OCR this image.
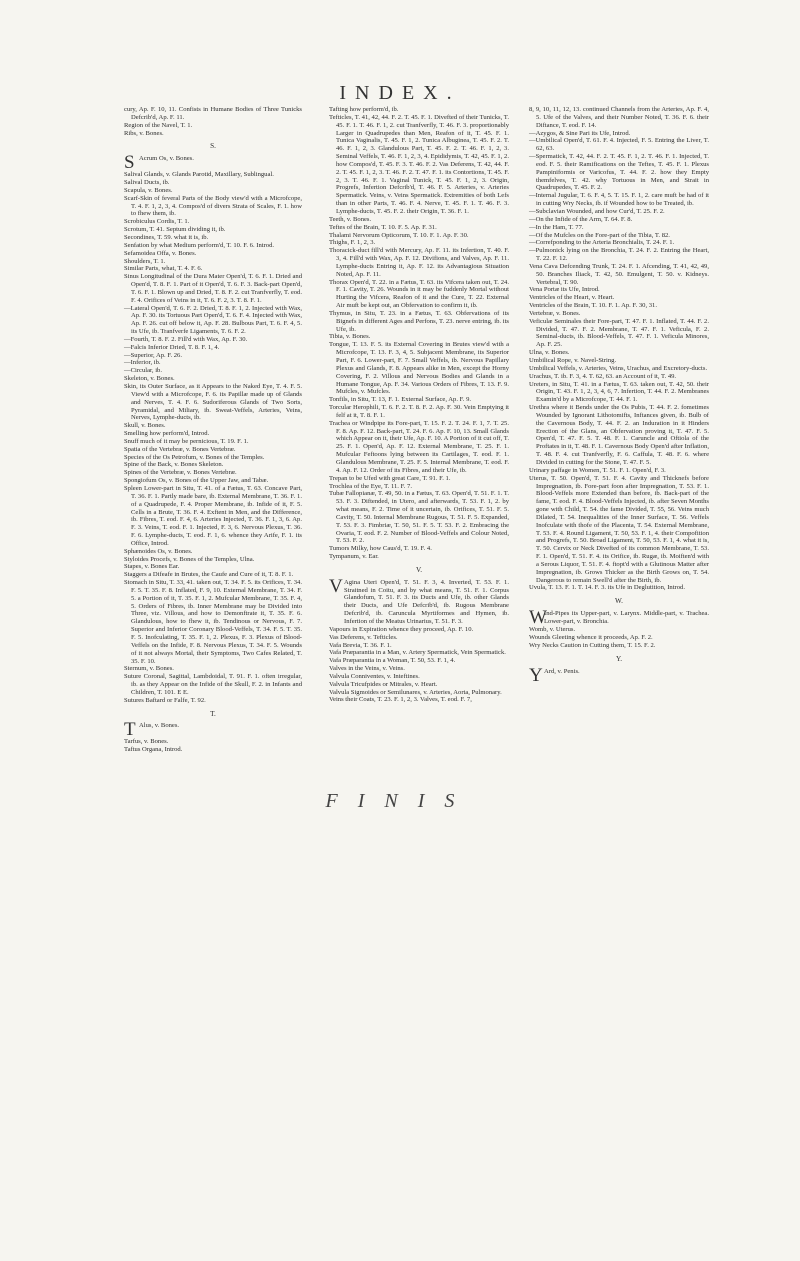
INDEX.

cury, Ap. F. 10, 11. Confists in Humane Bodies of Three Tunicks Defcrib'd, Ap. F. 11.

Region of the Navel, T. 1.

Ribs, v. Bones.

S.

S Acrum Os, v. Bones.

Salival Glands, v. Glands Parotid, Maxillary, Sublingual.

Salival Ducts, ib.

Scapula, v. Bones.

Scarf-Skin of feveral Parts of the Body view'd with a Microfcope, T. 4. F. 1, 2, 3, 4. Compos'd of divers Strata of Scales, F. 1. how to fhew them, ib.

Scrobiculus Cordis, T. 1.

Scrotum, T. 41. Septum dividing it, ib.

Secondines, T. 59. what it is, ib.

Senfation by what Medium perform'd, T. 10. F. 6. Introd.

Sefamoidea Offa, v. Bones.

Shoulders, T. 1.

Similar Parts, what, T. 4. F. 6.

Sinus Longitudinal of the Dura Mater Open'd, T. 6. F. 1. Dried and Open'd, T. 8. F. 1. Part of it Open'd, T. 6. F. 3. Back-part Open'd, T. 6. F. 1. Blown up and Dried, T. 8. F. 2. cut Tranfverfly, T. eod. F. 4. Orifices of Veins in it, T. 6. F. 2, 3. T. 8. F. 1.

—Lateral Open'd, T. 6. F. 2. Dried, T. 8. F. 1, 2. Injected with Wax, Ap. F. 30. its Tortuous Part Open'd, T. 6. F. 4. Injected with Wax, Ap. F. 26. cut off below it, Ap. F. 28. Bulbous Part, T. 6. F. 4, 5. its Ufe, ib. Tranfverfe Ligaments, T. 6. F. 2.

—Fourth, T. 8. F. 2. Fill'd with Wax, Ap. F. 30.

—Falcis Inferior Dried, T. 8. F. 1, 4.

—Superior, Ap. F. 26.

—Inferior, ib.

—Circular, ib.

Skeleton, v. Bones.

Skin, its Outer Surface, as it Appears to the Naked Eye, T. 4. F. 5. View'd with a Microfcope, F. 6. its Papillæ made up of Glands and Nerves, T. 4. F. 6. Sudoriferous Glands of Two Sorts, Pyramidal, and Miliary, ib. Sweat-Veffels, Arteries, Veins, Nerves, Lymphe-ducts, ib.

Skull, v. Bones.

Smelling how perform'd, Introd.

Snuff much of it may be pernicious, T. 19. F. 1.

Spatia of the Vertebræ, v. Bones Vertebræ.

Species of the Os Petrofum, v. Bones of the Temples.

Spine of the Back, v. Bones Skeleton.

Spines of the Vertebræ, v. Bones Vertebræ.

Spongiofum Os, v. Bones of the Upper Jaw, and Tabæ.

Spleen Lower-part in Situ, T. 41. of a Fætus, T. 63. Concave Part, T. 36. F. 1. Partly made bare, ib. External Membrane, T. 36. F. 1. of a Quadrupede, F. 4. Proper Membrane, ib. Infide of it, F. 5. Cells in a Brute, T. 36. F. 4. Exftent in Men, and the Difference, ib. Fibres, T. eod. F. 4, 6. Arteries Injected, T. 36. F. 1, 3, 6. Ap. F. 3. Veins, T. eod. F. 1. Injected, F. 3, 6. Nervous Plexus, T. 36. F. 6. Lymphe-ducts, T. eod. F. 1, 6. whence they Arife, F. 1. its Office, Introd.

Sphænoides Os, v. Bones.

Styloides Procefs, v. Bones of the Temples, Ulna.

Stapes, v. Bones Ear.

Staggers a Difeafe in Brutes, the Caufe and Cure of it, T. 8. F. 1.

Stomach in Situ, T. 33, 41. taken out, T. 34. F. 5. its Orifices, T. 34. F. 5. T. 35. F. 8. Inflated, F. 9, 10. External Membrane, T. 34. F. 5. a Portion of it, T. 35. F. 1, 2. Mufcular Membrane, T. 35. F. 4, 5. Orders of Fibres, ib. Inner Membrane may be Divided into Three, viz. Villous, and how to Demonftrate it, T. 35. F. 6. Glandulous, how to fhew it, ib. Tendinous or Nervous, F. 7. Superior and Inferior Coronary Blood-Veffels, T. 34. F. 5. T. 35. F. 5. Inofculating, T. 35. F. 1, 2. Plexus, F. 3. Plexus of Blood-Veffels on the Infide, F. 8. Nervous Plexus, T. 34. F. 5. Wounds of it not always Mortal, their Symptoms, Two Cafes Related, T. 35. F. 10.

Sternum, v. Bones.

Suture Coronal, Sagittal, Lambdoidal, T. 91. F. 1. often irregular, ib. as they Appear on the Infide of the Skull, F. 2. in Infants and Children, T. 101. E E.

Sutures Baftard or Falfe, T. 92.

T.

T Alus, v. Bones.

Tarfus, v. Bones.

Taftus Organa, Introd.

Tafting how perform'd, ib.

Tefticles, T. 41, 42, 44. F. 2. T. 45. F. 1. Divefted of their Tunicks, T. 45. F. 1. T. 46. F. 1, 2. cut Tranfverfly, T. 46. F. 3. proportionably Larger in Quadrupedes than Men, Reafon of it, T. 45. F. 1. Tunica Vaginalis, T. 45. F. 1, 2. Tunica Albuginea, T. 45. F. 2. T. 46. F. 1, 2, 3. Glandulous Part, T. 45. F. 2. T. 46. F. 1, 2, 3. Seminal Veffels, T. 46. F. 1, 2, 3, 4. Epididymis, T. 42, 45. F. 1, 2. how Compos'd, T. 45. F. 3. T. 46. F. 2. Vas Deferens, T. 42, 44. F. 2. T. 45. F. 1, 2, 3. T. 46. F. 2. T. 47. F. 1. its Contortions, T. 45. F. 2, 3. T. 46. F. 1. Vaginal Tunick, T. 45. F. 1, 2, 3. Origin, Progrefs, Infertion Defcrib'd, T. 46. F. 5. Arteries, v. Arteries Spermatick. Veins, v. Veins Spermatick. Extremities of both Lefs than in other Parts, T. 46. F. 4. Nerve, T. 45. F. 1. T. 46. F. 3. Lymphe-ducts, T. 45. F. 2. their Origin, T. 36. F. 1.

Teeth, v. Bones.

Teftes of the Brain, T. 10. F. 5. Ap. F. 31.

Thalami Nervorum Opticorum, T. 10. F. 1. Ap. F. 30.

Thighs, F. 1, 2, 3.

Thoracick-duct fill'd with Mercury, Ap. F. 11. its Infertion, T. 40. F. 3, 4. Fill'd with Wax, Ap. F. 12. Divifions, and Valves, Ap. F. 11. Lymphe-ducts Entring it, Ap. F. 12. its Advantagious Situation Noted, Ap. F. 11.

Thorax Open'd, T. 22. in a Fætus, T. 63. its Vifcera taken out, T. 24. F. 1. Cavity, T. 26. Wounds in it may be fuddenly Mortal without Hurting the Vifcera, Reafon of it and the Cure, T. 22. External Air muft be kept out, an Obfervation to confirm it, ib.

Thymus, in Situ, T. 23. in a Fætus, T. 63. Obfervations of its Bignefs in different Ages and Perfons, T. 23. nerve entring, ib. its Ufe, ib.

Tibia, v. Bones.

Tongue, T. 13. F. 5. its External Covering in Brutes view'd with a Microfcope, T. 13. F. 3, 4, 5. Subjacent Membrane, its Superior Part, F. 6. Lower-part, F. 7. Small Veffels, ib. Nervous Papillary Plexus and Glands, F. 8. Appears alike in Men, except the Horny Covering, F. 2. Villous and Nervous Bodies and Glands in a Humane Tongue, Ap. F. 34. Various Orders of Fibres, T. 13. F. 9. Mufcles, v. Mufcles.

Tonfils, in Situ, T. 13, F. 1. External Surface, Ap. F. 9.

Torcular Herophili, T. 6. F. 2. T. 8. F. 2. Ap. F. 30. Vein Emptying it felf at it, T. 8. F. 1.

Trachea or Windpipe its Fore-part, T. 15. F. 2. T. 24. F. 1, 7. T. 25. F. 8. Ap. F. 12. Back-part, T. 24. F. 6. Ap. F. 10, 13. Small Glands which Appear on it, their Ufe, Ap. F. 10. A Portion of it cut off, T. 25. F. 1. Open'd, Ap. F. 12. External Membrane, T. 25. F. 1. Mufcular Feftoons lying between its Cartilages, T. eod. F. 1. Glandulous Membrane, T. 25. F. 5. Internal Membrane, T. eod. F. 4. Ap. F. 12. Order of its Fibres, and their Ufe, ib.

Trepan to be Ufed with great Care, T. 91. F. 1.

Trochlea of the Eye, T. 11. F. 7.

Tubæ Fallopianæ, T. 49, 50. in a Fætus, T. 63. Open'd, T. 51. F. 1. T. 53. F. 3. Diftended, in Utero, and afterwards, T. 53. F. 1, 2. by what means, F. 2. Time of it uncertain, ib. Orifices, T. 51. F. 5. Cavity, T. 50. Internal Membrane Rugous, T. 51. F. 5. Expanded, T. 53. F. 3. Fimbriæ, T. 50, 51. F. 5. T. 53. F. 2. Embracing the Ovaria, T. eod. F. 2. Number of Blood-Veffels and Colour Noted, T. 53. F. 2.

Tumors Milky, how Caus'd, T. 19. F. 4.

Tympanum, v. Ear.

V.

V Agina Uteri Open'd, T. 51. F. 3, 4. Inverted, T. 53. F. 1. Straitned in Coitu, and by what means, T. 51. F. 1. Corpus Glandofum, T. 51. F. 3. its Ducts and Ufe, ib. other Glands their Ducts, and Ufe Defcrib'd, ib. Rugous Membrane Defcrib'd, ib. Caruncula Myrtiformes and Hymen, ib. Infertion of the Meatus Urinarius, T. 51. F. 3.

Vapours in Expiration whence they proceed, Ap. F. 10.

Vas Deferens, v. Tefticles.

Vafa Brevia, T. 36. F. 1.

Vafa Præparantia in a Man, v. Artery Spermatick, Vein Spermatick.

Vafa Præparantia in a Woman, T. 50, 53. F. 1, 4.

Valves in the Veins, v. Veins.

Valvula Conniventes, v. Inteftines.

Valvula Tricufpides or Mitrales, v. Heart.

Valvula Sigmoides or Semilunares, v. Arteries, Aorta, Pulmonary.

Veins their Coats, T. 23. F. 1, 2, 3. Valves, T. eod. F. 7,

8, 9, 10, 11, 12, 13. continued Channels from the Arteries, Ap. F. 4, 5. Ufe of the Valves, and their Number Noted, T. 36. F. 6. their Diftance, T. eod. F. 14.

—Azygos, & Sine Pari its Ufe, Introd.

—Umbilical Open'd, T. 61. F. 4. Injected, F. 5. Entring the Liver, T. 62, 63.

—Spermatick, T. 42, 44. F. 2. T. 45. F. 1, 2. T. 46. F. 1. Injected, T. eod. F. 5. their Ramifications on the Teftes, T. 45. F. 1. Plexus Pampiniformis or Varicofus, T. 44. F. 2. how they Empty themfelves, T. 42. why Tortuous in Men, and Strait in Quadrupedes, T. 45. F. 2.

—Internal Jugular, T. 6. F. 4, 5. T. 15. F. 1, 2. care muft be had of it in cutting Wry Necks, ib. if Wounded how to be Treated, ib.

—Subclavian Wounded, and how Cur'd, T. 25. F. 2.

—On the Infide of the Arm, T. 64. F. 8.

—In the Ham, T. 77.

—Of the Mufcles on the Fore-part of the Tibia, T. 82.

—Correfponding to the Arteria Bronchialis, T. 24. F. 1.

—Pulmonick lying on the Bronchia, T. 24. F. 2. Entring the Heart, T. 22. F. 12.

Vena Cava Defcending Trunk, T. 24. F. 1. Afcending, T. 41, 42, 49, 50. Branches Iliack, T. 42, 50. Emulgent, T. 50. v. Kidneys. Vertebral, T. 90.

Vena Portæ its Ufe, Introd.

Ventricles of the Heart, v. Heart.

Ventricles of the Brain, T. 10. F. 1. Ap. F. 30, 31.

Vertebræ, v. Bones.

Veficulæ Seminales their Fore-part, T. 47. F. 1. Inflated, T. 44. F. 2. Divided, T. 47. F. 2. Membrane, T. 47. F. 1. Veficula, F. 2. Seminal-ducts, ib. Blood-Veffels, T. 47. F. 1. Veficula Minores, Ap. F. 25.

Ulna, v. Bones.

Umbilical Rope, v. Navel-String.

Umbilical Veffels, v. Arteries, Veins, Urachus, and Excretory-ducts.

Urachus, T. ib. F. 3, 4. T. 62, 63. an Account of it, T. 49.

Ureters, in Situ, T. 41. in a Fætus, T. 63. taken out, T. 42, 50. their Origin, T. 43. F. 1, 2, 3, 4, 6, 7. Infertion, T. 44. F. 2. Membranes Examin'd by a Microfcope, T. 44. F. 1.

Urethra where it Bends under the Os Pubis, T. 44. F. 2. fometimes Wounded by Ignorant Lithotomifts, Inftances given, ib. Bulb of the Cavernous Body, T. 44. F. 2. an Induration in it Hinders Erection of the Glans, an Obfervation proving it, T. 47. F. 5. Open'd, T. 47. F. 5. T. 48. F. 1. Caruncle and Oftiola of the Proftates in it, T. 48. F. 1. Cavernous Body Open'd after Inflation, T. 48. F. 4. cut Tranfverfly, F. 6. Caffula, T. 48. F. 6. where Divided in cutting for the Stone, T. 47. F. 5.

Urinary paffage in Women, T. 51. F. 1. Open'd, F. 3.

Uterus, T. 50. Open'd, T. 51. F. 4. Cavity and Thicknefs before Impregnation, ib. Fore-part foon after Impregnation, T. 53. F. 1. Blood-Veffels more Extended than before, ib. Back-part of the fame, T. eod. F. 4. Blood-Veffels Injected, ib. after Seven Months gone with Child, T. 54. the fame Divided, T. 55, 56. Veins much Dilated, T. 54. Inequalities of the Inner Surface, T. 56. Veffels Inofculate with thofe of the Placenta, T. 54. External Membrane, T. 53. F. 4. Round Ligament, T. 50, 53. F. 1, 4. their Compofition and Progrefs, T. 50. Broad Ligament, T. 50, 53. F. 1, 4. what it is, T. 50. Cervix or Neck Divefted of its common Membrane, T. 53. F. 1. Open'd, T. 51. F. 4. its Orifice, ib. Rugæ, ib. Moiften'd with a Serous Liquor, T. 51. F. 4. ftopt'd with a Glutinous Matter after Impregnation, ib. Grows Thicker as the Birth Grows on, T. 54. Dangerous to remain Swell'd after the Birth, ib.

Uvula, T. 13. F. 1. T. 14. F. 3. its Ufe in Deglutition, Introd.

W.

W
Ind-Pipes its Upper-part, v. Larynx. Middle-part, v. Trachea. Lower-part, v. Bronchia.

Womb, v. Uterus.

Wounds Gleeting whence it proceeds, Ap. F. 2.

Wry Necks Caution in Cutting them, T. 15. F. 2.

Y.

Y Ard, v. Penis.

FINIS
